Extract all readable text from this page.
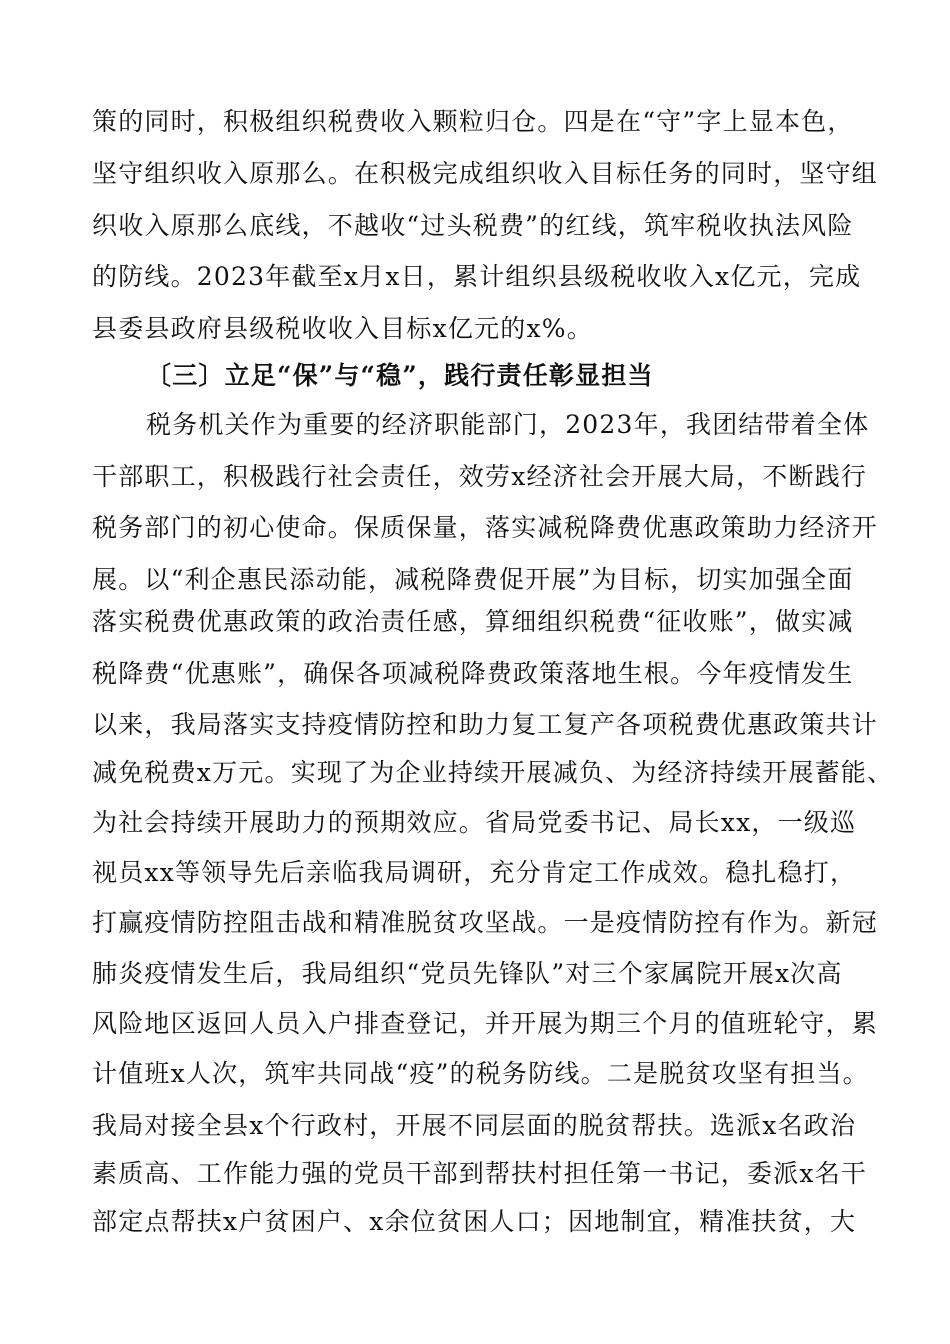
策的同时，积极组织税费收入颗粒归仓。四是在“守”字上显本色，
坚守组织收入原那么。在积极完成组织收入目标任务的同时，坚守组
织收入原那么底线，不越收“过头税费”的红线，筑牢税收执法风险
的防线。2023年截至x月x日，累计组织县级税收收入x亿元，完成
县委县政府县级税收收入目标x亿元的x%。
〔三〕立足“保”与“稳”，践行责任彰显担当
税务机关作为重要的经济职能部门，2023年，我团结带着全体
干部职工，积极践行社会责任，效劳x经济社会开展大局，不断践行
税务部门的初心使命。保质保量，落实减税降费优惠政策助力经济开
展。以“利企惠民添动能，减税降费促开展”为目标，切实加强全面
落实税费优惠政策的政治责任感，算细组织税费“征收账”，做实减
税降费“优惠账”，确保各项减税降费政策落地生根。今年疫情发生
以来，我局落实支持疫情防控和助力复工复产各项税费优惠政策共计
减免税费x万元。实现了为企业持续开展减负、为经济持续开展蓄能、
为社会持续开展助力的预期效应。省局党委书记、局长xx，一级巡
视员xx等领导先后亲临我局调研，充分肯定工作成效。稳扎稳打，
打赢疫情防控阻击战和精准脱贫攻坚战。一是疫情防控有作为。新冠
肺炎疫情发生后，我局组织“党员先锋队”对三个家属院开展x次高
风险地区返回人员入户排查登记，并开展为期三个月的值班轮守，累
计值班x人次，筑牢共同战“疫”的税务防线。二是脱贫攻坚有担当。
我局对接全县x个行政村，开展不同层面的脱贫帮扶。选派x名政治
素质高、工作能力强的党员干部到帮扶村担任第一书记，委派x名干
部定点帮扶x户贫困户、x余位贫困人口；因地制宜，精准扶贫，大
